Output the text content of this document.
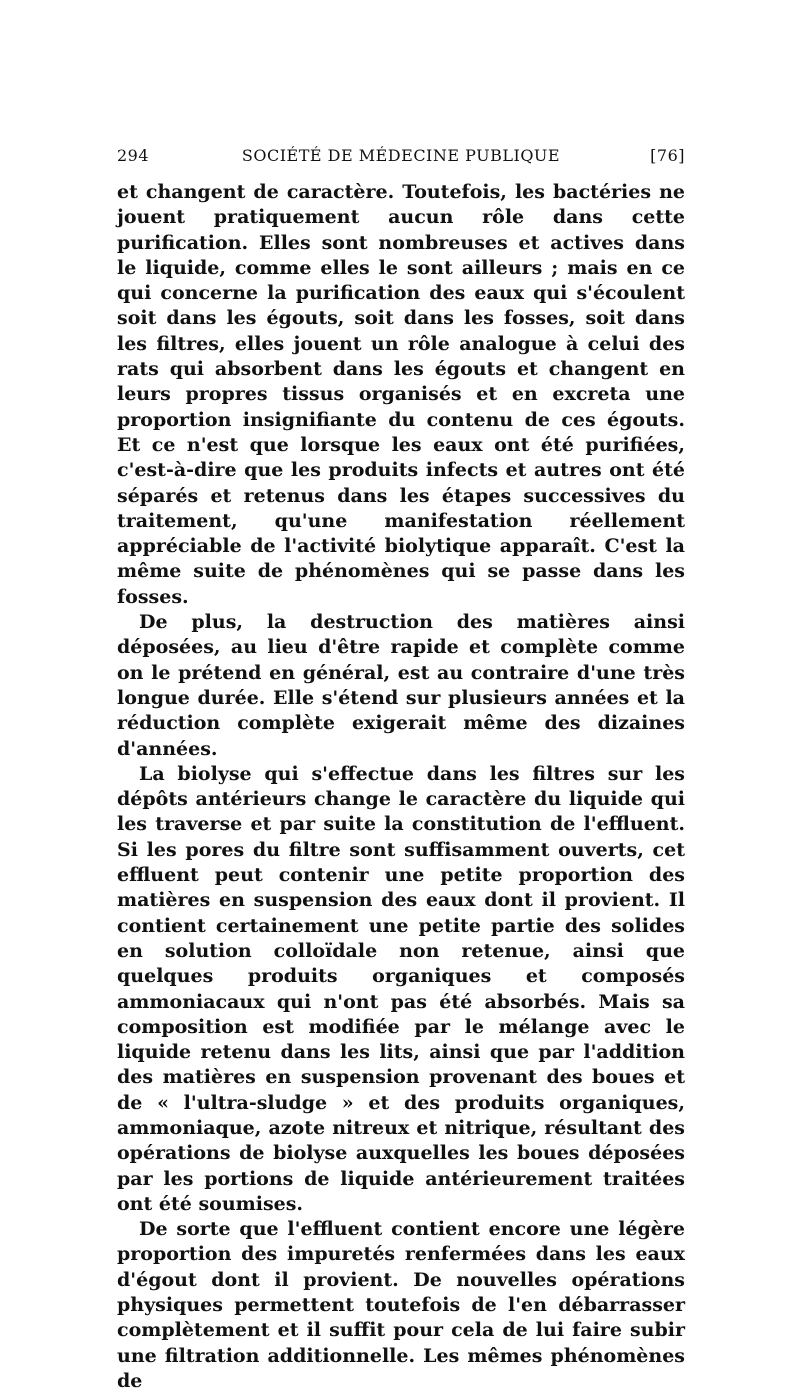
294	SOCIÉTÉ DE MÉDECINE PUBLIQUE	[76]

et changent de caractère. Toutefois, les bactéries ne jouent pratiquement aucun rôle dans cette purification. Elles sont nombreuses et actives dans le liquide, comme elles le sont ailleurs ; mais en ce qui concerne la purification des eaux qui s'écoulent soit dans les égouts, soit dans les fosses, soit dans les filtres, elles jouent un rôle analogue à celui des rats qui absorbent dans les égouts et changent en leurs propres tissus organisés et en excreta une proportion insignifiante du contenu de ces égouts. Et ce n'est que lorsque les eaux ont été purifiées, c'est-à-dire que les produits infects et autres ont été séparés et retenus dans les étapes successives du traitement, qu'une manifestation réellement appréciable de l'activité biolytique apparaît. C'est la même suite de phénomènes qui se passe dans les fosses.

De plus, la destruction des matières ainsi déposées, au lieu d'être rapide et complète comme on le prétend en général, est au contraire d'une très longue durée. Elle s'étend sur plusieurs années et la réduction complète exigerait même des dizaines d'années.

La biolyse qui s'effectue dans les filtres sur les dépôts antérieurs change le caractère du liquide qui les traverse et par suite la constitution de l'effluent. Si les pores du filtre sont suffisamment ouverts, cet effluent peut contenir une petite proportion des matières en suspension des eaux dont il provient. Il contient certainement une petite partie des solides en solution colloïdale non retenue, ainsi que quelques produits organiques et composés ammoniacaux qui n'ont pas été absorbés. Mais sa composition est modifiée par le mélange avec le liquide retenu dans les lits, ainsi que par l'addition des matières en suspension provenant des boues et de « l'ultra-sludge » et des produits organiques, ammoniaque, azote nitreux et nitrique, résultant des opérations de biolyse auxquelles les boues déposées par les portions de liquide antérieurement traitées ont été soumises.

De sorte que l'effluent contient encore une légère proportion des impuretés renfermées dans les eaux d'égout dont il provient. De nouvelles opérations physiques permettent toutefois de l'en débarrasser complètement et il suffit pour cela de lui faire subir une filtration additionnelle. Les mêmes phénomènes de
